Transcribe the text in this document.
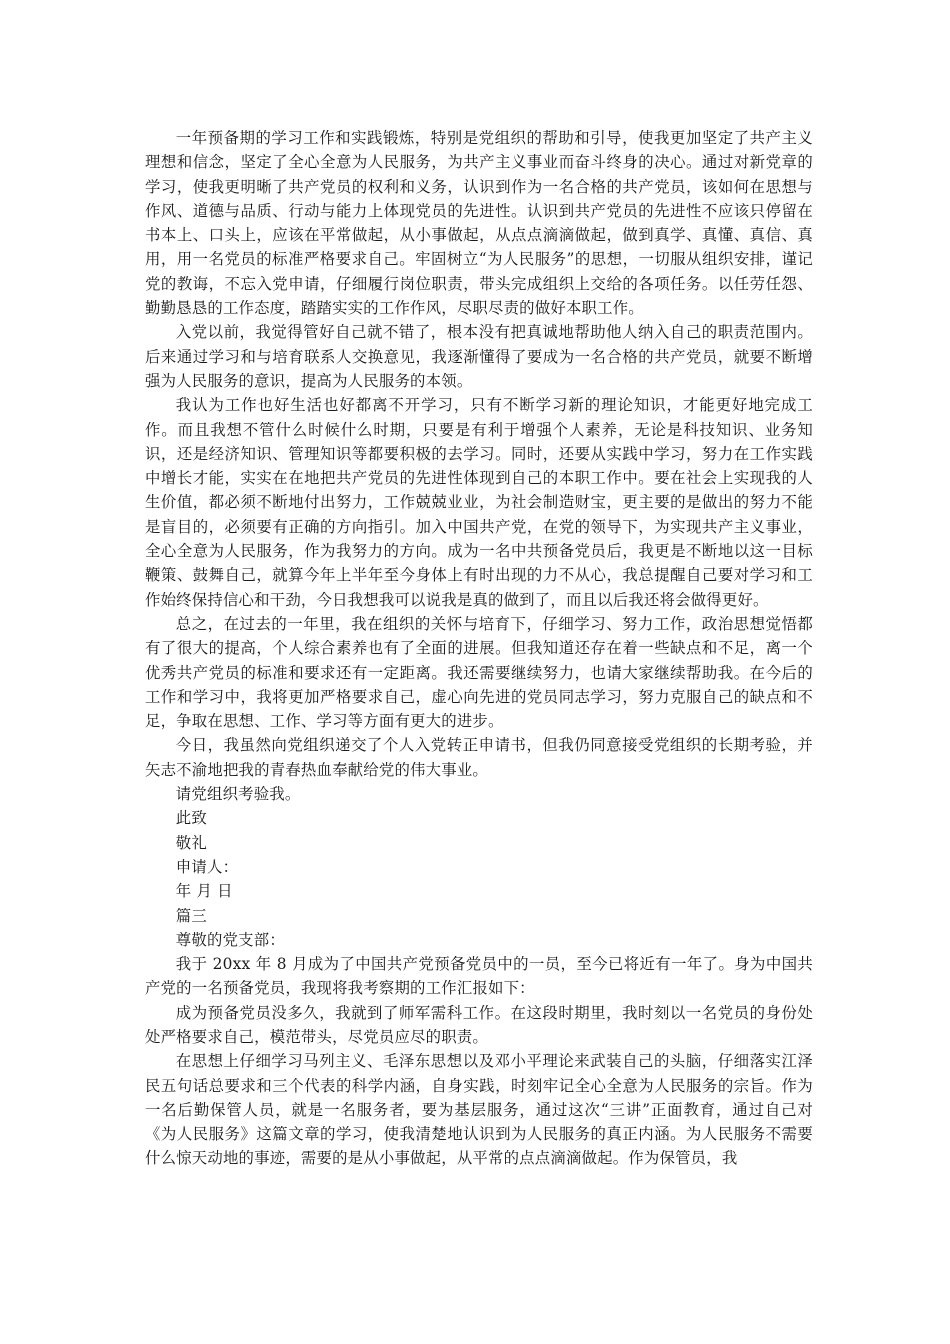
一年预备期的学习工作和实践锻炼，特别是党组织的帮助和引导，使我更加坚定了共产主义理想和信念，坚定了全心全意为人民服务，为共产主义事业而奋斗终身的决心。通过对新党章的学习，使我更明晰了共产党员的权利和义务，认识到作为一名合格的共产党员，该如何在思想与作风、道德与品质、行动与能力上体现党员的先进性。认识到共产党员的先进性不应该只停留在书本上、口头上，应该在平常做起，从小事做起，从点点滴滴做起，做到真学、真懂、真信、真用，用一名党员的标准严格要求自己。牢固树立“为人民服务”的思想，一切服从组织安排，谨记党的教诲，不忘入党申请，仔细履行岗位职责，带头完成组织上交给的各项任务。以任劳任怨、勤勤恳恳的工作态度，踏踏实实的工作作风，尽职尽责的做好本职工作。

入党以前，我觉得管好自己就不错了，根本没有把真诚地帮助他人纳入自己的职责范围内。后来通过学习和与培育联系人交换意见，我逐渐懂得了要成为一名合格的共产党员，就要不断增强为人民服务的意识，提高为人民服务的本领。

我认为工作也好生活也好都离不开学习，只有不断学习新的理论知识，才能更好地完成工作。而且我想不管什么时候什么时期，只要是有利于增强个人素养，无论是科技知识、业务知识，还是经济知识、管理知识等都要积极的去学习。同时，还要从实践中学习，努力在工作实践中增长才能，实实在在地把共产党员的先进性体现到自己的本职工作中。要在社会上实现我的人生价值，都必须不断地付出努力，工作兢兢业业，为社会制造财宝，更主要的是做出的努力不能是盲目的，必须要有正确的方向指引。加入中国共产党，在党的领导下，为实现共产主义事业，全心全意为人民服务，作为我努力的方向。成为一名中共预备党员后，我更是不断地以这一目标鞭策、鼓舞自己，就算今年上半年至今身体上有时出现的力不从心，我总提醒自己要对学习和工作始终保持信心和干劲，今日我想我可以说我是真的做到了，而且以后我还将会做得更好。

总之，在过去的一年里，我在组织的关怀与培育下，仔细学习、努力工作，政治思想觉悟都有了很大的提高，个人综合素养也有了全面的进展。但我知道还存在着一些缺点和不足，离一个优秀共产党员的标准和要求还有一定距离。我还需要继续努力，也请大家继续帮助我。在今后的工作和学习中，我将更加严格要求自己，虚心向先进的党员同志学习，努力克服自己的缺点和不足，争取在思想、工作、学习等方面有更大的进步。

今日，我虽然向党组织递交了个人入党转正申请书，但我仍同意接受党组织的长期考验，并矢志不渝地把我的青春热血奉献给党的伟大事业。

请党组织考验我。

此致

敬礼

申请人：

年 月 日

篇三

尊敬的党支部：

我于 20xx 年 8 月成为了中国共产党预备党员中的一员，至今已将近有一年了。身为中国共产党的一名预备党员，我现将我考察期的工作汇报如下：

成为预备党员没多久，我就到了师军需科工作。在这段时期里，我时刻以一名党员的身份处处严格要求自己，模范带头，尽党员应尽的职责。

在思想上仔细学习马列主义、毛泽东思想以及邓小平理论来武装自己的头脑，仔细落实江泽民五句话总要求和三个代表的科学内涵，自身实践，时刻牢记全心全意为人民服务的宗旨。作为一名后勤保管人员，就是一名服务者，要为基层服务，通过这次“三讲”正面教育，通过自己对《为人民服务》这篇文章的学习，使我清楚地认识到为人民服务的真正内涵。为人民服务不需要什么惊天动地的事迹，需要的是从小事做起，从平常的点点滴滴做起。作为保管员，我
